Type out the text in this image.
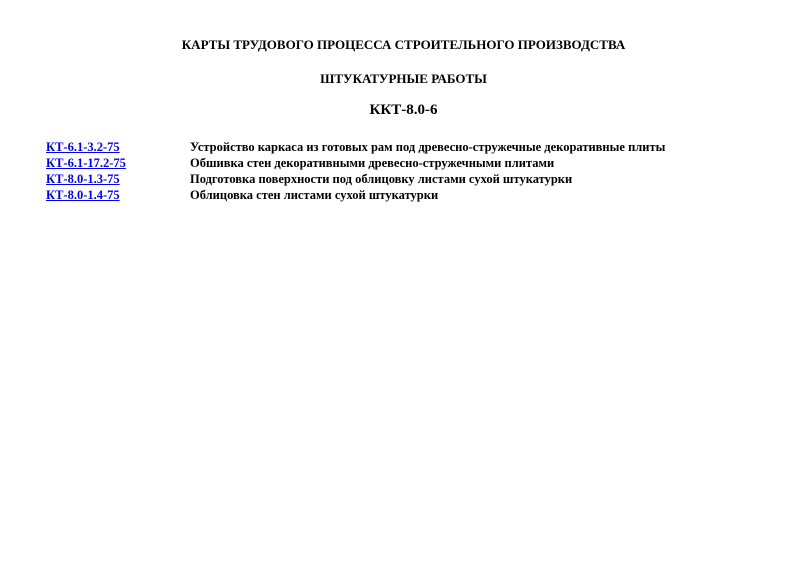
КАРТЫ ТРУДОВОГО ПРОЦЕССА СТРОИТЕЛЬНОГО ПРОИЗВОДСТВА
ШТУКАТУРНЫЕ РАБОТЫ
ККТ-8.0-6
КТ-6.1-3.2-75	Устройство каркаса из готовых рам под древесно-стружечные декоративные плиты
КТ-6.1-17.2-75	Обшивка стен декоративными древесно-стружечными плитами
КТ-8.0-1.3-75	Подготовка поверхности под облицовку листами сухой штукатурки
КТ-8.0-1.4-75	Облицовка стен листами сухой штукатурки
